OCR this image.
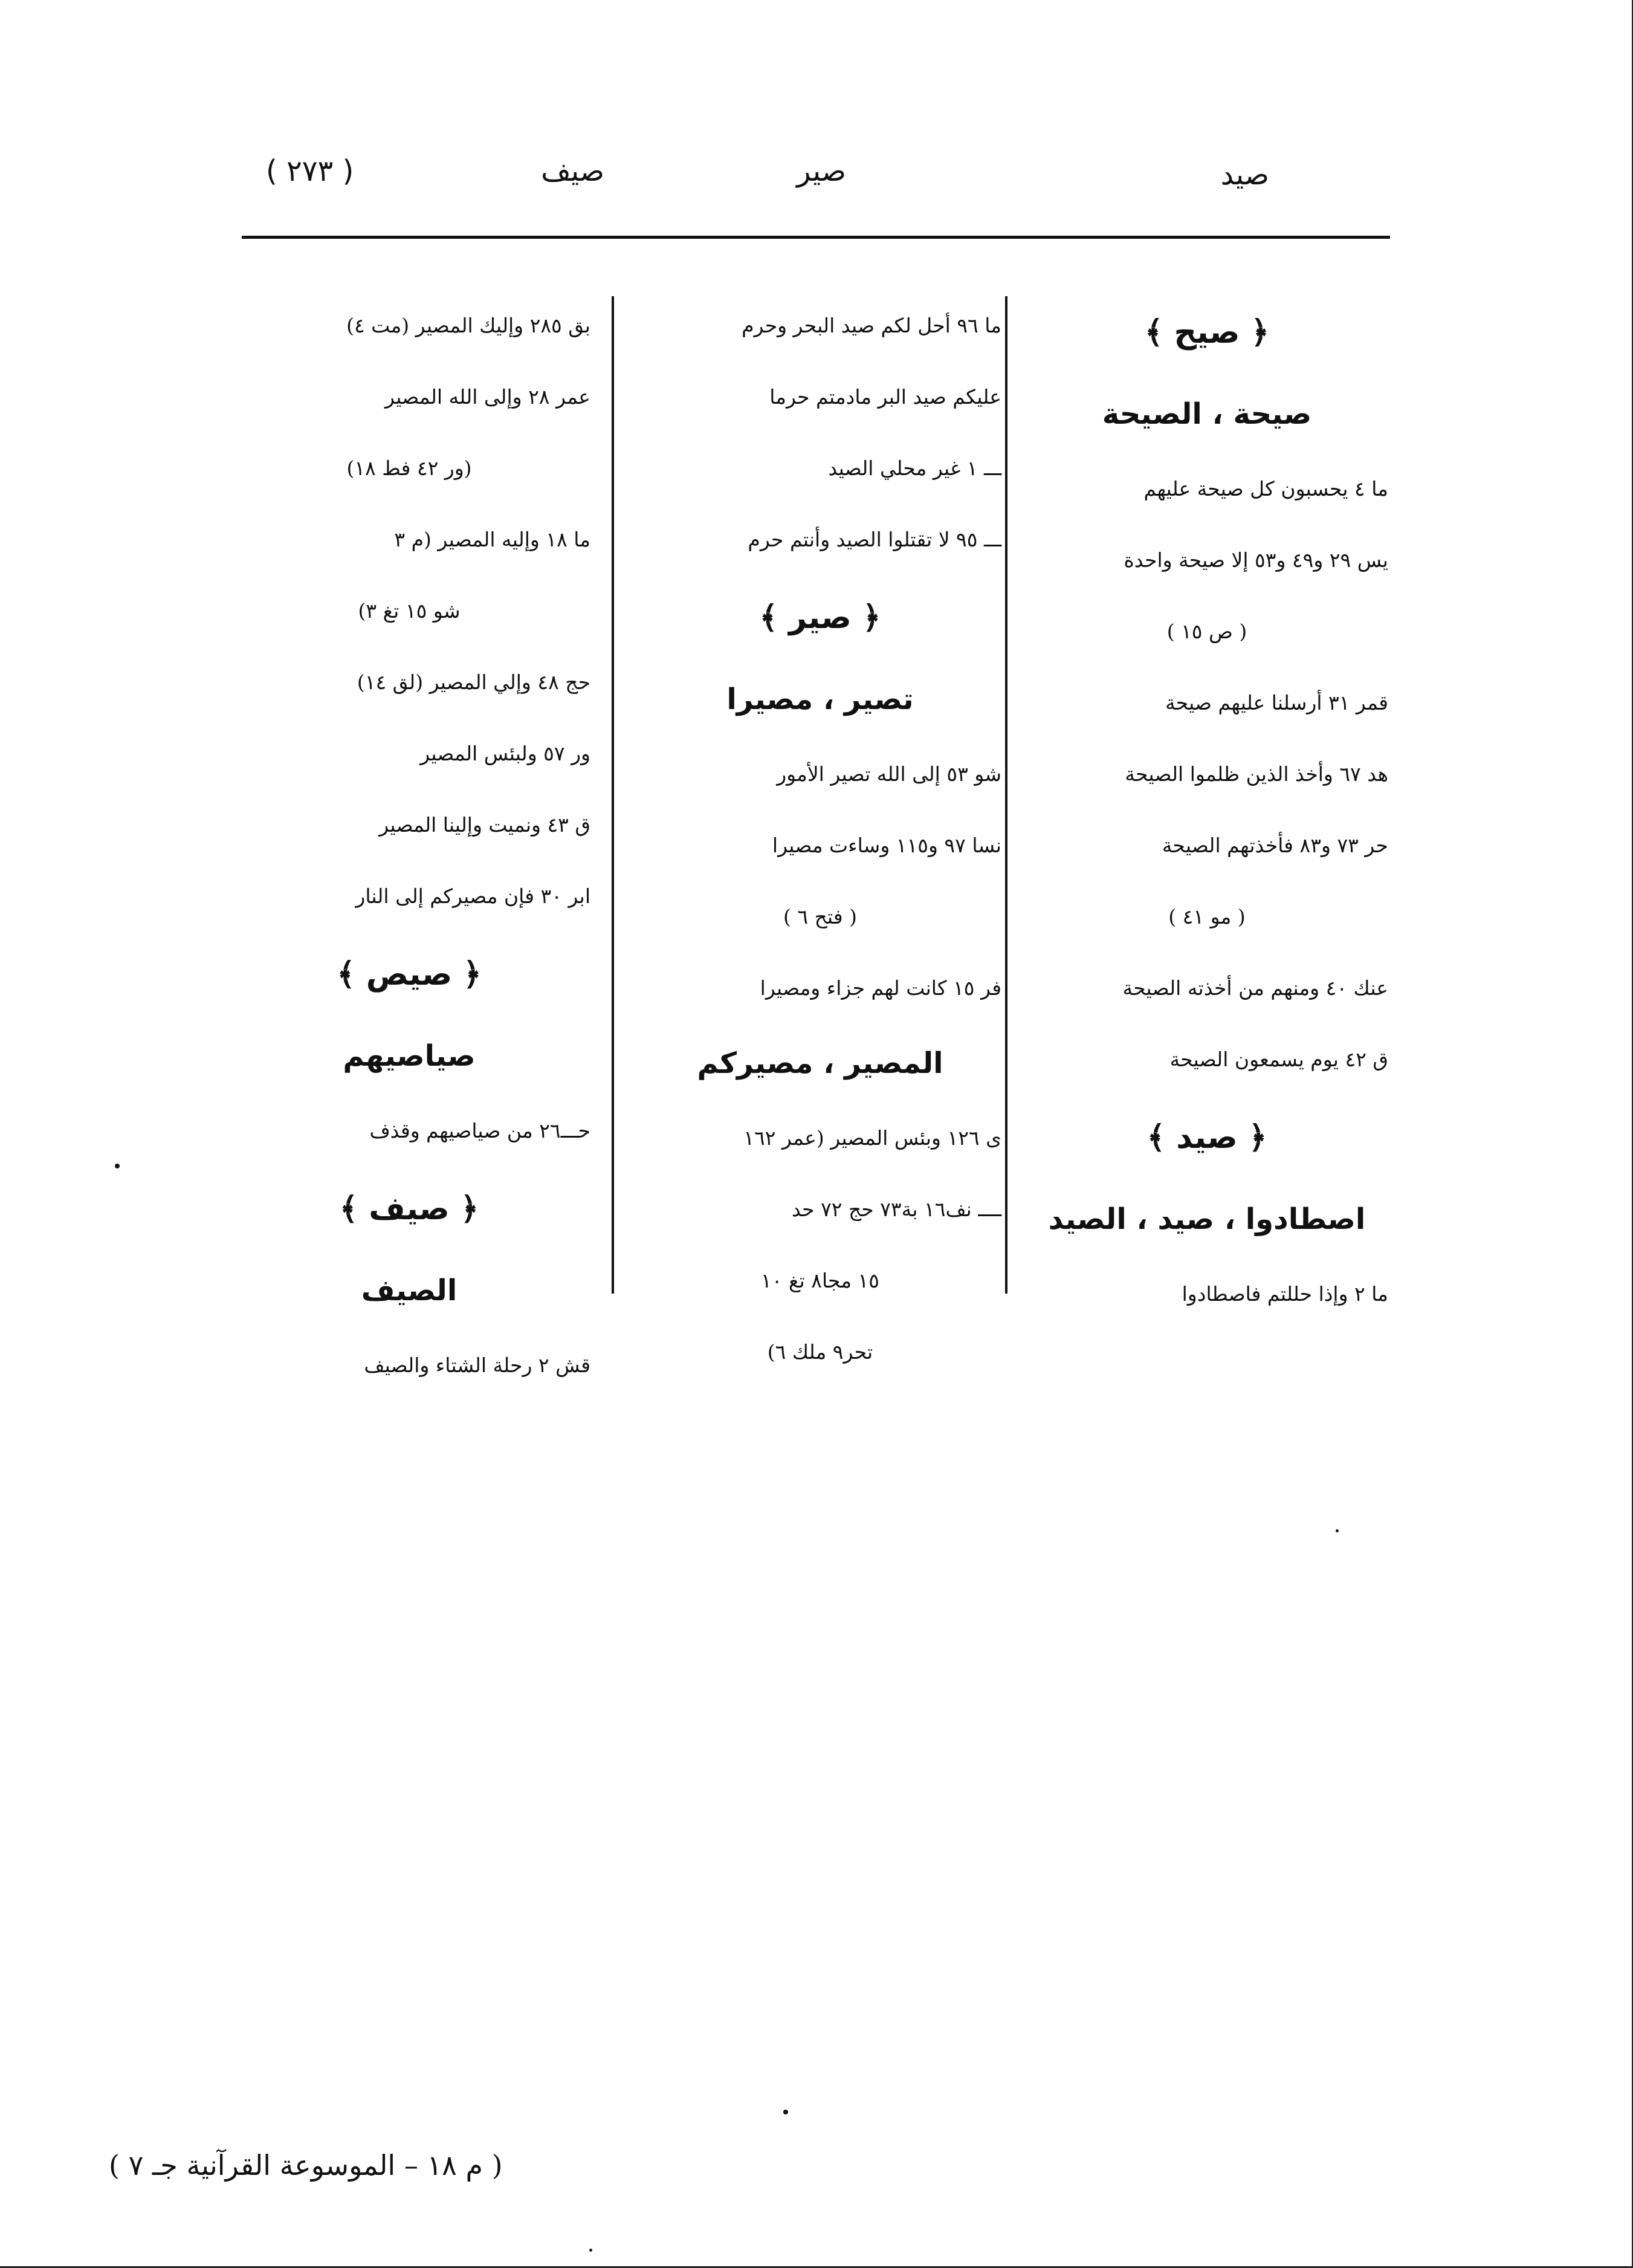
صيد
صير
صيف
( ٢٧٣ )
﴿ صيح ﴾
صيحة ، الصيحة
ما ٤ يحسبون كل صيحة عليهم
يس ٢٩ و٤٩ و٥٣ إلا صيحة واحدة
( ص ١٥ )
قمر ٣١ أرسلنا عليهم صيحة
هد ٦٧ وأخذ الذين ظلموا الصيحة
حر ٧٣ و٨٣ فأخذتهم الصيحة
( مو ٤١ )
عنك ٤٠ ومنهم من أخذته الصيحة
ق ٤٢ يوم يسمعون الصيحة
﴿ صيد ﴾
اصطادوا ، صيد ، الصيد
ما ٢ وإذا حللتم فاصطادوا
ما ٩٦ أحل لكم صيد البحر وحرم
عليكم صيد البر مادمتم حرما
ـــ ١ غير محلي الصيد
ـــ ٩٥ لا تقتلوا الصيد وأنتم حرم
﴿ صير ﴾
تصير ، مصيرا
شو ٥٣ إلى الله تصير الأمور
نسا ٩٧ و١١٥ وساءت مصيرا
( فتح ٦ )
فر ١٥ كانت لهم جزاء ومصيرا
المصير ، مصيركم
ى ١٢٦ وبئس المصير (عمر ١٦٢
ــــ نف١٦ بة٧٣ حج ٧٢ حد
١٥ مجا٨ تغ ١٠
تحر٩ ملك ٦)
بق ٢٨٥ وإليك المصير (مت ٤)
عمر ٢٨ وإلى الله المصير
(ور ٤٢ فط ١٨)
ما ١٨ وإليه المصير (م ٣
شو ١٥ تغ ٣)
حج ٤٨ وإلي المصير (لق ١٤)
ور ٥٧ ولبئس المصير
ق ٤٣ ونميت وإلينا المصير
ابر ٣٠ فإن مصيركم إلى النار
﴿ صيص ﴾
صياصيهم
حـــ٢٦ من صياصيهم وقذف
﴿ صيف ﴾
الصيف
قش ٢ رحلة الشتاء والصيف
( م ١٨ – الموسوعة القرآنية جـ ٧ )
